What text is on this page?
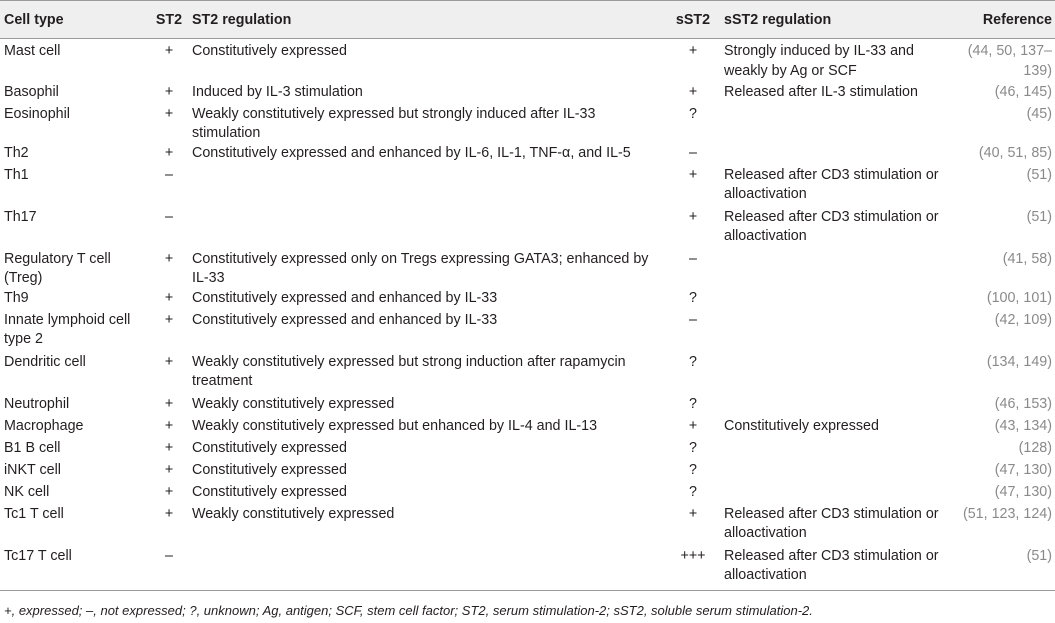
Cell type	ST2	ST2 regulation	sST2	sST2 regulation	Reference
Mast cell	+	Constitutively expressed	+	Strongly induced by IL-33 and weakly by Ag or SCF	(44, 50, 137–139)
Basophil	+	Induced by IL-3 stimulation	+	Released after IL-3 stimulation	(46, 145)
Eosinophil	+	Weakly constitutively expressed but strongly induced after IL-33 stimulation	?		(45)
Th2	+	Constitutively expressed and enhanced by IL-6, IL-1, TNF-α, and IL-5	–		(40, 51, 85)
Th1	–		+	Released after CD3 stimulation or alloactivation	(51)
Th17	–		+	Released after CD3 stimulation or alloactivation	(51)
Regulatory T cell (Treg)	+	Constitutively expressed only on Tregs expressing GATA3; enhanced by IL-33	–		(41, 58)
Th9	+	Constitutively expressed and enhanced by IL-33	?		(100, 101)
Innate lymphoid cell type 2	+	Constitutively expressed and enhanced by IL-33	–		(42, 109)
Dendritic cell	+	Weakly constitutively expressed but strong induction after rapamycin treatment	?		(134, 149)
Neutrophil	+	Weakly constitutively expressed	?		(46, 153)
Macrophage	+	Weakly constitutively expressed but enhanced by IL-4 and IL-13	+	Constitutively expressed	(43, 134)
B1 B cell	+	Constitutively expressed	?		(128)
iNKT cell	+	Constitutively expressed	?		(47, 130)
NK cell	+	Constitutively expressed	?		(47, 130)
Tc1 T cell	+	Weakly constitutively expressed	+	Released after CD3 stimulation or alloactivation	(51, 123, 124)
Tc17 T cell	–		+++	Released after CD3 stimulation or alloactivation	(51)
+, expressed; –, not expressed; ?, unknown; Ag, antigen; SCF, stem cell factor; ST2, serum stimulation-2; sST2, soluble serum stimulation-2.
